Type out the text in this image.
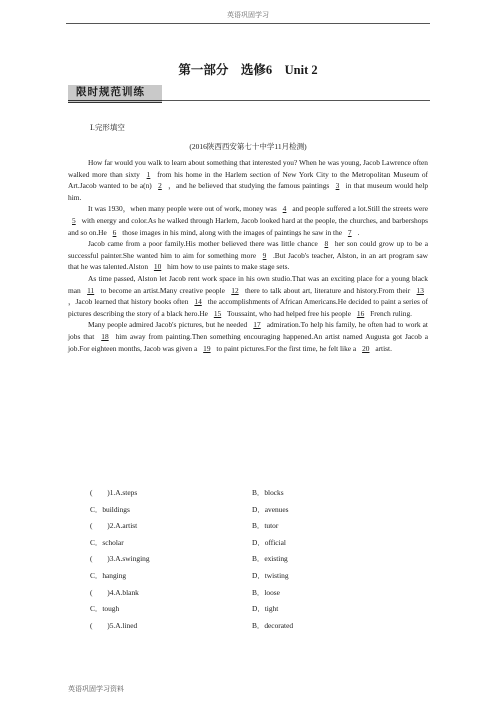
英语巩固学习
第一部分　选修6　Unit 2
限时规范训练
Ⅰ.完形填空
(2016陕西西安第七十中学11月检测)

How far would you walk to learn about something that interested you? When he was young, Jacob Lawrence often walked more than sixty 1 from his home in the Harlem section of New York City to the Metropolitan Museum of Art.Jacob wanted to be a(n) 2 ，and he believed that studying the famous paintings 3 in that museum would help him.

It was 1930，when many people were out of work, money was 4 and people suffered a lot.Still the streets were 5 with energy and color.As he walked through Harlem, Jacob looked hard at the people, the churches, and barbershops and so on.He 6 those images in his mind, along with the images of paintings he saw in the 7 .

Jacob came from a poor family.His mother believed there was little chance 8 her son could grow up to be a successful painter.She wanted him to aim for something more 9 .But Jacob's teacher, Alston, in an art program saw that he was talented.Alston 10 him how to use paints to make stage sets.

As time passed, Alston let Jacob rent work space in his own studio.That was an exciting place for a young black man 11 to become an artist.Many creative people 12 there to talk about art, literature and history.From their 13 ，Jacob learned that history books often 14 the accomplishments of African Americans.He decided to paint a series of pictures describing the story of a black hero.He 15 Toussaint, who had helped free his people 16 French ruling.

Many people admired Jacob's pictures, but he needed 17 admiration.To help his family, he often had to work at jobs that 18 him away from painting.Then something encouraging happened.An artist named Augusta got Jacob a job.For eighteen months, Jacob was given a 19 to paint pictures.For the first time, he felt like a 20 artist.

(　　)1.A.steps	B．blocks
C．buildings	D．avenues
(　　)2.A.artist	B．tutor
C．scholar	D．official
(　　)3.A.swinging	B．existing
C．hanging	D．twisting
(　　)4.A.blank	B．loose
C．tough	D．tight
(　　)5.A.lined	B．decorated
英语巩固学习资料
